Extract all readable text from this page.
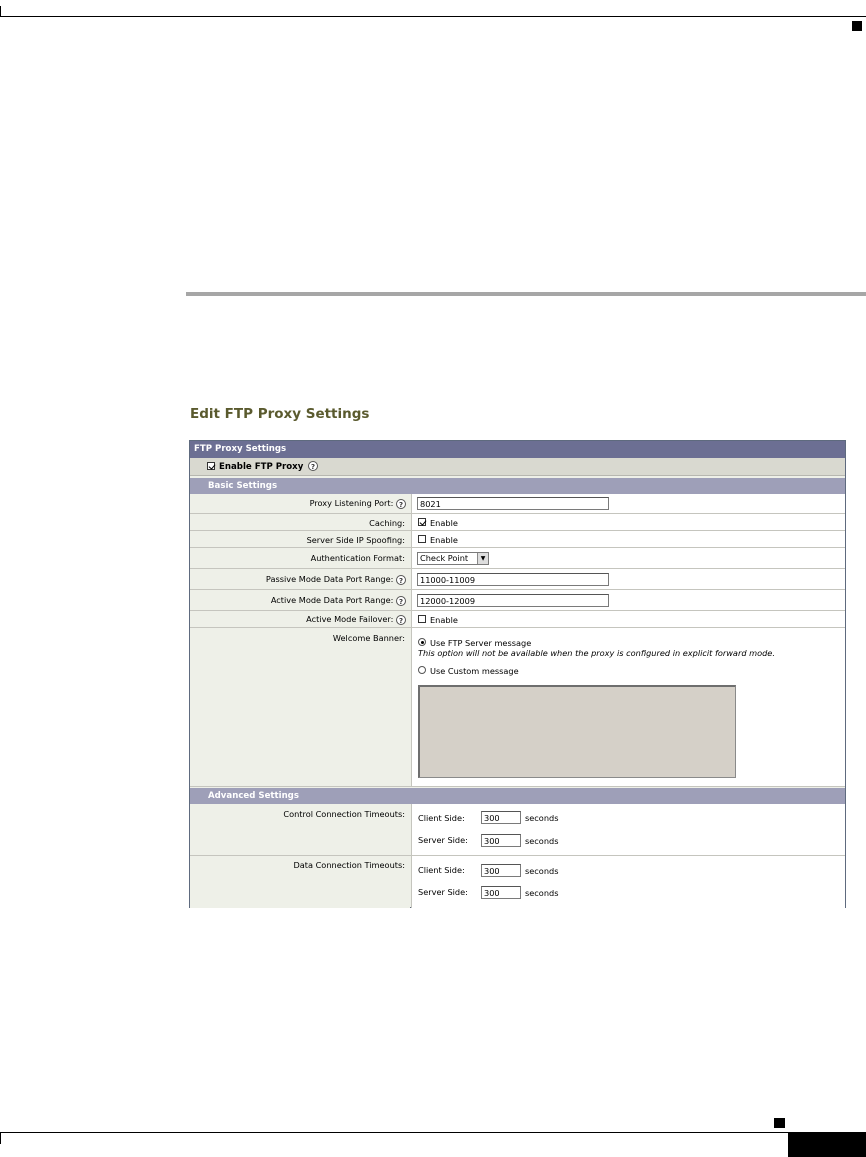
Edit FTP Proxy Settings
FTP Proxy Settings
Enable FTP Proxy	?
Basic Settings
Proxy Listening Port: ?	8021
Caching:	Enable
Server Side IP Spoofing:	Enable
Authentication Format:	Check Point	▼
Passive Mode Data Port Range: ?	11000-11009
Active Mode Data Port Range: ?	12000-12009
Active Mode Failover: ?	Enable
Welcome Banner:	Use FTP Server message
This option will not be available when the proxy is configured in explicit forward mode.
Use Custom message
Advanced Settings
Control Connection Timeouts: Client Side:	300	seconds
Server Side:	300	seconds
Data Connection Timeouts: Client Side:	300	seconds
Server Side:	300	seconds
